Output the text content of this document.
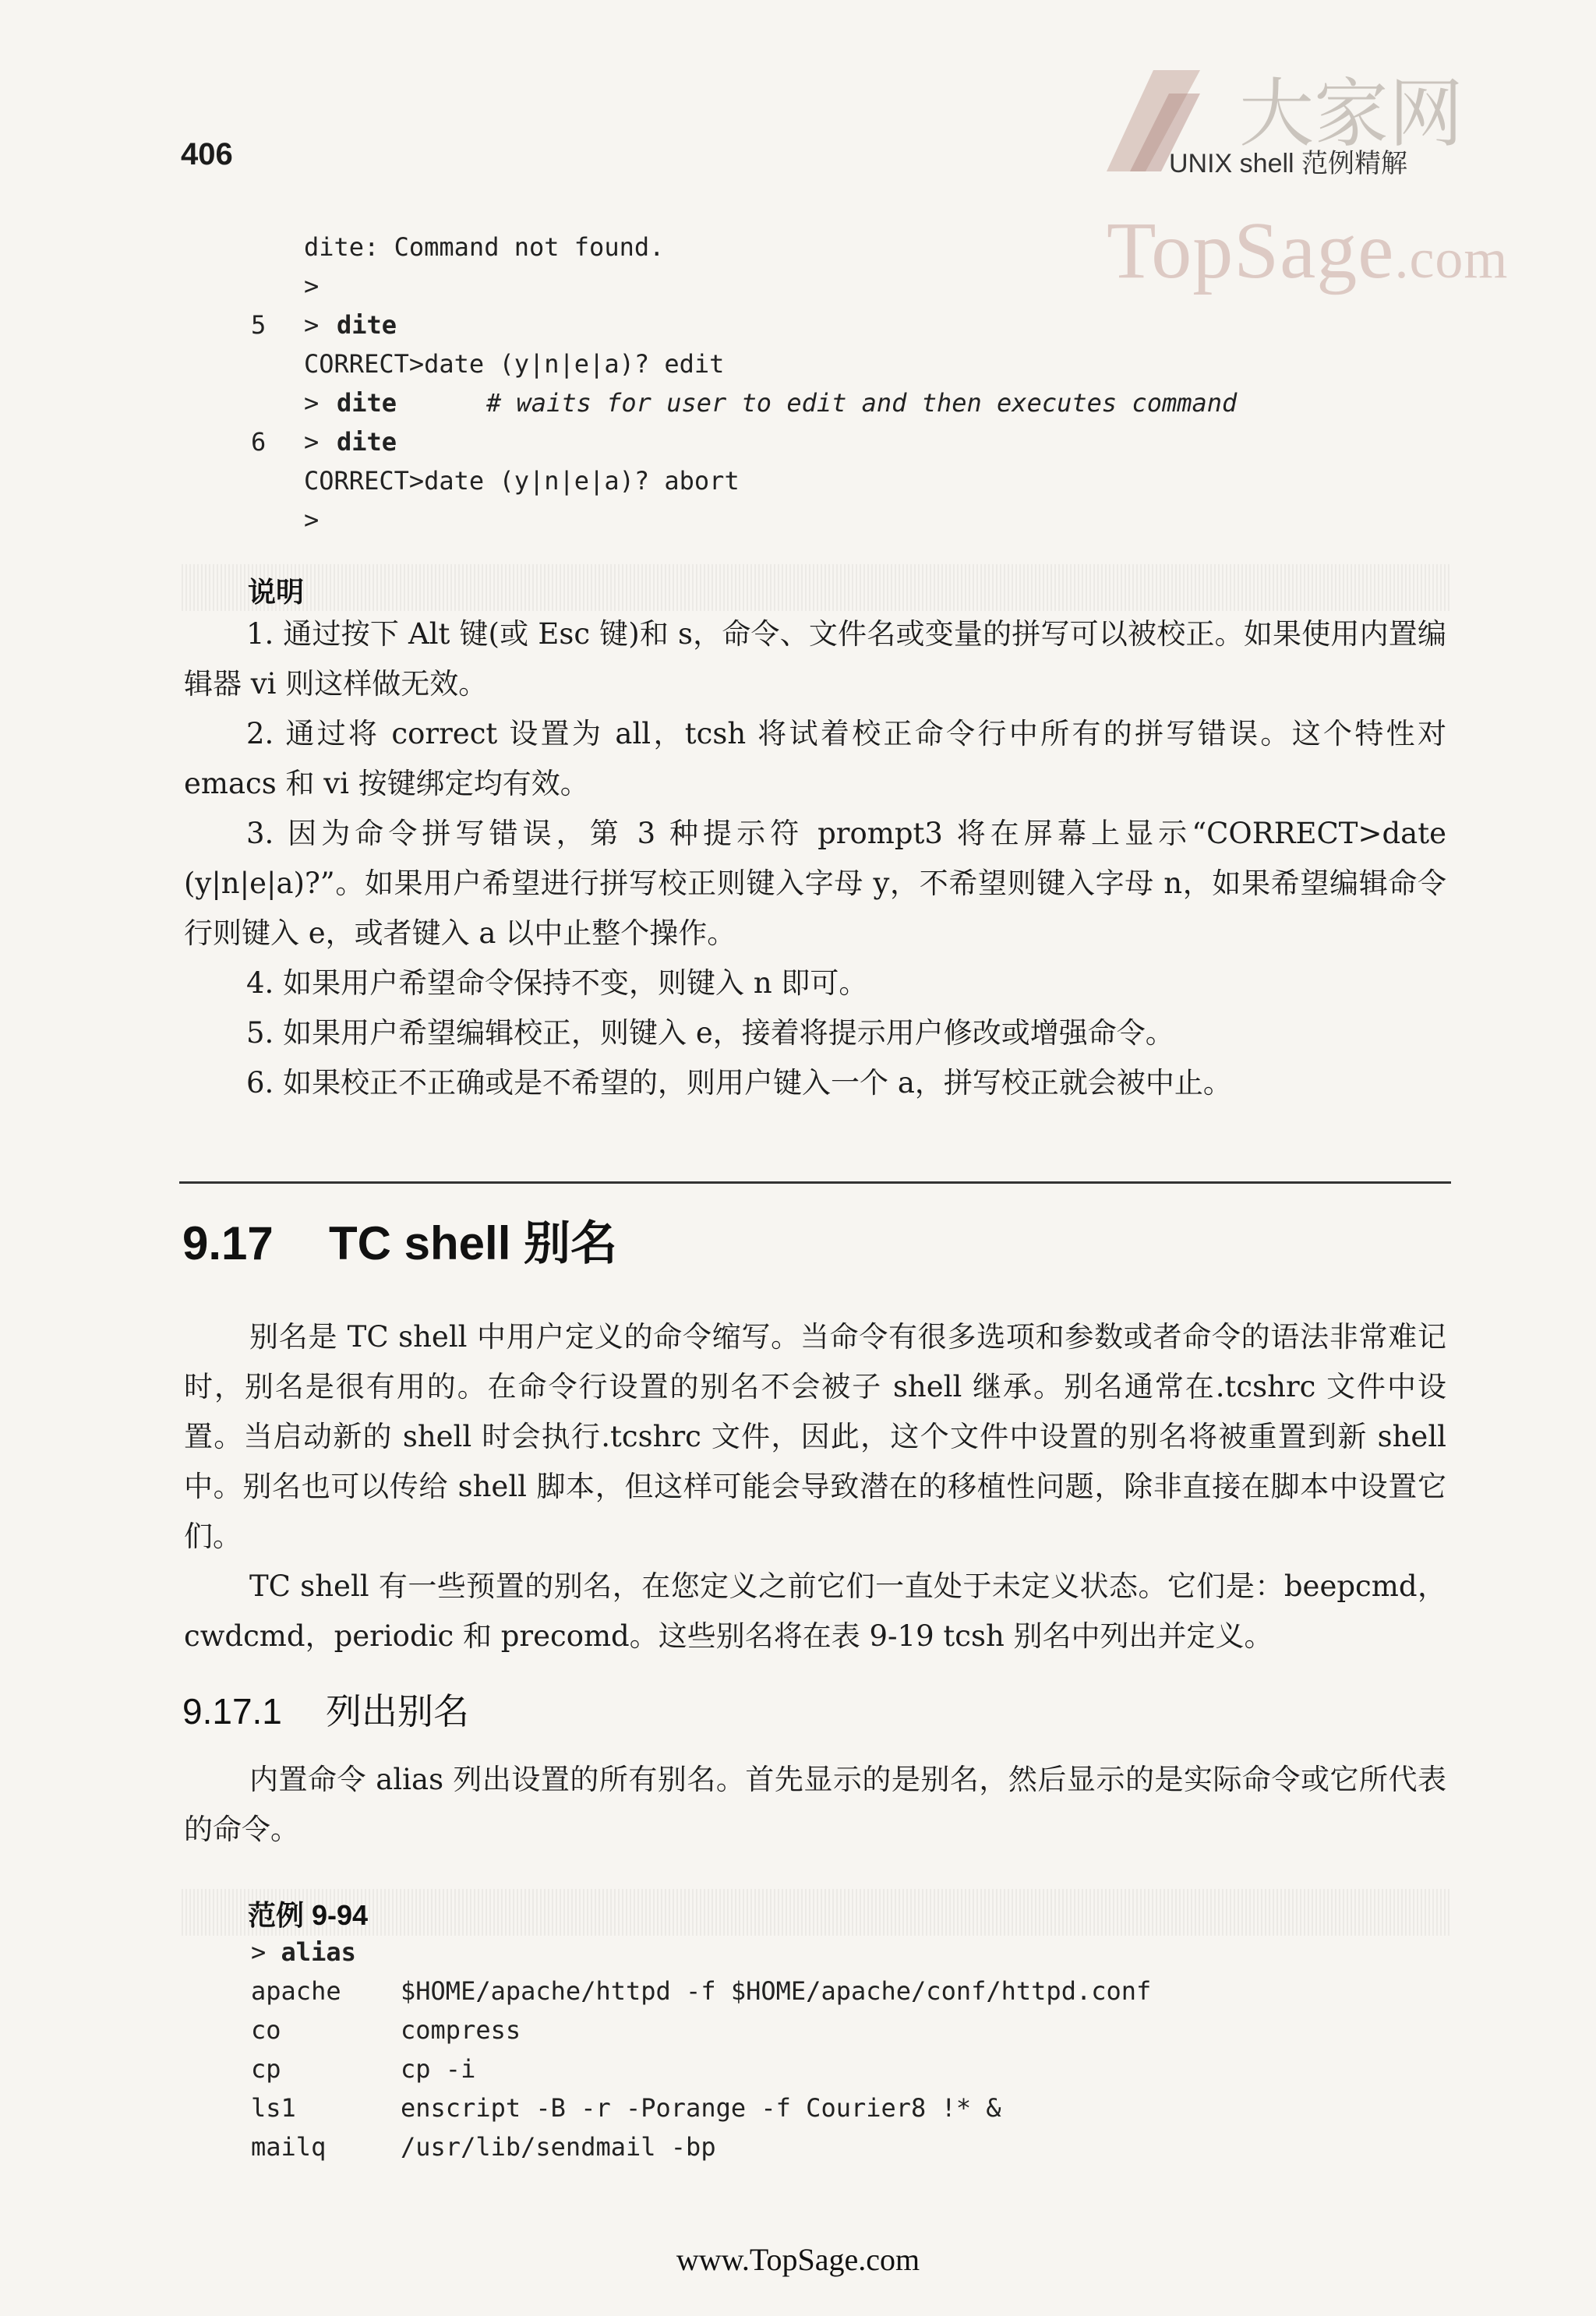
406	UNIX shell 范例精解
大家网
TopSage.com
dite: Command not found.
>
5 > dite
CORRECT>date (y|n|e|a)? edit
> dite	# waits for user to edit and then executes command
6 > dite
CORRECT>date (y|n|e|a)? abort
>
说明

1. 通过按下 Alt 键(或 Esc 键)和 s，命令、文件名或变量的拼写可以被校正。如果使用内置编辑器 vi 则这样做无效。

2. 通过将 correct 设置为 all，tcsh 将试着校正命令行中所有的拼写错误。这个特性对 emacs 和 vi 按键绑定均有效。

3. 因为命令拼写错误，第 3 种提示符 prompt3 将在屏幕上显示“CORRECT>date (y|n|e|a)?”。如果用户希望进行拼写校正则键入字母 y，不希望则键入字母 n，如果希望编辑命令行则键入 e，或者键入 a 以中止整个操作。

4. 如果用户希望命令保持不变，则键入 n 即可。

5. 如果用户希望编辑校正，则键入 e，接着将提示用户修改或增强命令。

6. 如果校正不正确或是不希望的，则用户键入一个 a，拼写校正就会被中止。

9.17 TC shell 别名

别名是 TC shell 中用户定义的命令缩写。当命令有很多选项和参数或者命令的语法非常难记时，别名是很有用的。在命令行设置的别名不会被子 shell 继承。别名通常在.tcshrc 文件中设置。当启动新的 shell 时会执行.tcshrc 文件，因此，这个文件中设置的别名将被重置到新 shell 中。别名也可以传给 shell 脚本，但这样可能会导致潜在的移植性问题，除非直接在脚本中设置它们。

TC shell 有一些预置的别名，在您定义之前它们一直处于未定义状态。它们是：beepcmd，cwdcmd，periodic 和 precomd。这些别名将在表 9-19 tcsh 别名中列出并定义。

9.17.1 列出别名

内置命令 alias 列出设置的所有别名。首先显示的是别名，然后显示的是实际命令或它所代表的命令。

范例 9-94
> alias
apache $HOME/apache/httpd -f $HOME/apache/conf/httpd.conf
co	compress
cp	cp -i
ls1	enscript -B -r -Porange -f Courier8 !* &
mailq	/usr/lib/sendmail -bp
www.TopSage.com
